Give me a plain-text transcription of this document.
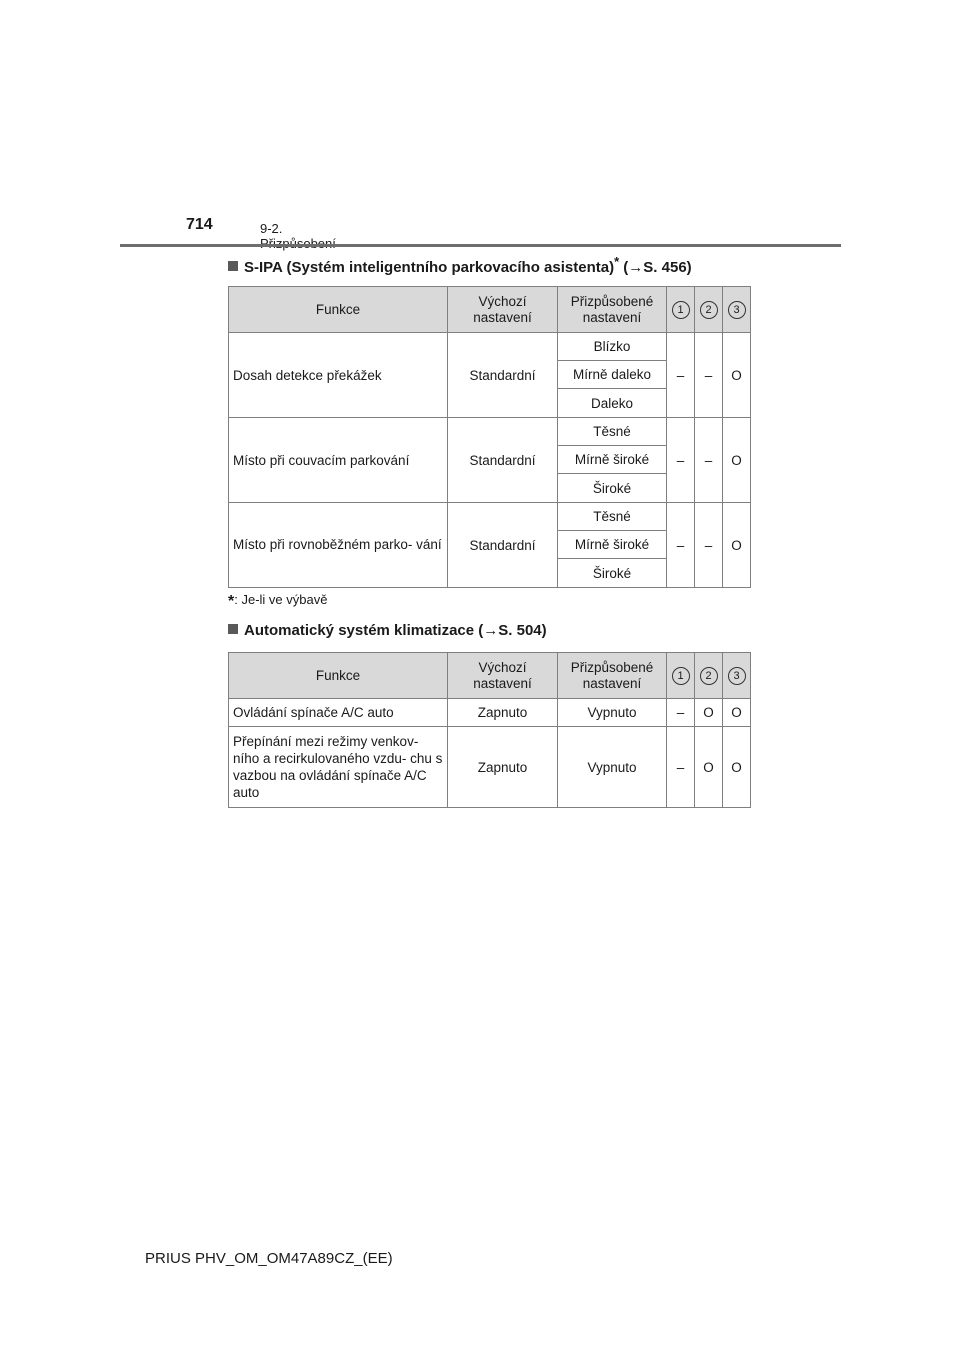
714	9-2.
S-IPA (Systém inteligentního parkovacího asistenta)* (→S. 456)
Funkce	Výchozí nastavení	Přizpůsobené nastavení	1	2	3
Dosah detekce překážek	Standardní	Blízko	–	–	O
		Mírně daleko			
		Daleko			
Místo při couvacím parkování	Standardní	Těsné	–	–	O
		Mírně široké			
		Široké			
Místo při rovnoběžném parko- vání	Standardní	Těsné	–	–	O
		Mírně široké			
		Široké			
*: Je-li ve výbavě
Automatický systém klimatizace (→S. 504)
Funkce	Výchozí nastavení	Přizpůsobené nastavení	1	2	3
Ovládání spínače A/C auto	Zapnuto	Vypnuto	–	O	O
Přepínání mezi režimy venkov- ního a recirkulovaného vzdu- chu s vazbou na ovládání spínače A/C auto	Zapnuto	Vypnuto	–	O	O
PRIUS PHV_OM_OM47A89CZ_(EE)
